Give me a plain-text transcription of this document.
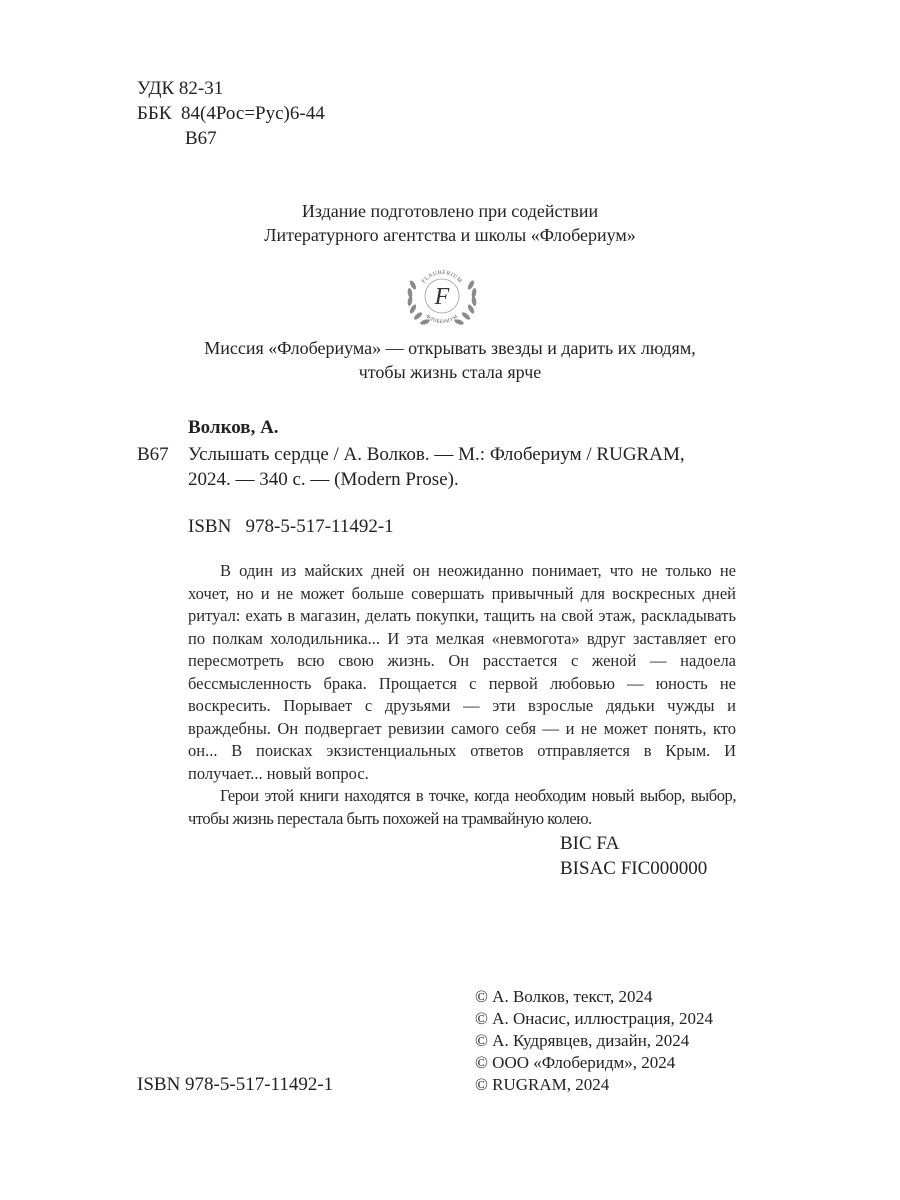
УДК 82-31
ББК  84(4Рос=Рус)6-44
В67
Издание подготовлено при содействии
Литературного агентства и школы «Флобериум»
FLAUBERIUM
ФЛОБЕРИУМ
F
Миссия «Флобериума» — открывать звезды и дарить их людям,
чтобы жизнь стала ярче
Волков, А.
В67 Услышать сердце / А. Волков. — М.: Флобериум / RUGRAM,
2024. — 340 с. — (Modern Prose).
ISBN   978-5-517-11492-1

В один из майских дней он неожиданно понимает, что не только не хочет, но и не может больше совершать привычный для воскресных дней ритуал: ехать в магазин, делать покупки, тащить на свой этаж, раскладывать по полкам холодильника... И эта мелкая «невмогота» вдруг заставляет его пересмотреть всю свою жизнь. Он расстается с женой — надоела бессмысленность брака. Прощается с первой любовью — юность не воскресить. Порывает с друзьями — эти взрослые дядьки чужды и враждебны. Он подвергает ревизии самого себя — и не может понять, кто он... В поисках экзистенциальных ответов отправляется в Крым. И получает... новый вопрос.

Герои этой книги находятся в точке, когда необходим новый выбор, выбор, чтобы жизнь перестала быть похожей на трамвайную колею.

BIC FA
BISAC FIC000000
© А. Волков, текст, 2024
© А. Онасис, иллюстрация, 2024
© А. Кудрявцев, дизайн, 2024
© ООО «Флоберидм», 2024
© RUGRAM, 2024
ISBN 978-5-517-11492-1
